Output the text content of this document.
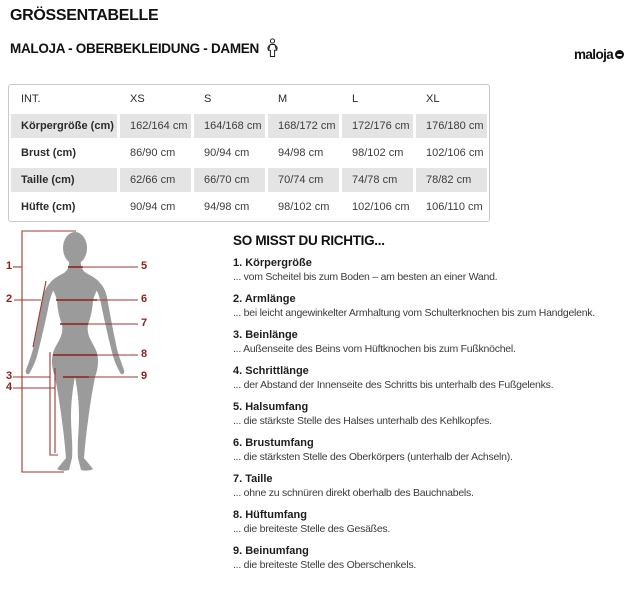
GRÖSSENTABELLE
MALOJA - OBERBEKLEIDUNG - DAMEN	maloja
INT.	XS	S	M	L	XL
Körpergröße (cm)	162/164 cm	164/168 cm	168/172 cm	172/176 cm	176/180 cm
Brust (cm)	86/90 cm	90/94 cm	94/98 cm	98/102 cm	102/106 cm
Taille (cm)	62/66 cm	66/70 cm	70/74 cm	74/78 cm	78/82 cm
Hüfte (cm)	90/94 cm	94/98 cm	98/102 cm	102/106 cm	106/110 cm
1
2
3
4
5
6
7
8
9
SO MISST DU RICHTIG...
1. Körpergröße
... vom Scheitel bis zum Boden – am besten an einer Wand.
2. Armlänge
... bei leicht angewinkelter Armhaltung vom Schulterknochen bis zum Handgelenk.
3. Beinlänge
... Außenseite des Beins vom Hüftknochen bis zum Fußknöchel.
4. Schrittlänge
... der Abstand der Innenseite des Schritts bis unterhalb des Fußgelenks.
5. Halsumfang
... die stärkste Stelle des Halses unterhalb des Kehlkopfes.
6. Brustumfang
... die stärksten Stelle des Oberkörpers (unterhalb der Achseln).
7. Taille
... ohne zu schnüren direkt oberhalb des Bauchnabels.
8. Hüftumfang
... die breiteste Stelle des Gesäßes.
9. Beinumfang
... die breiteste Stelle des Oberschenkels.
